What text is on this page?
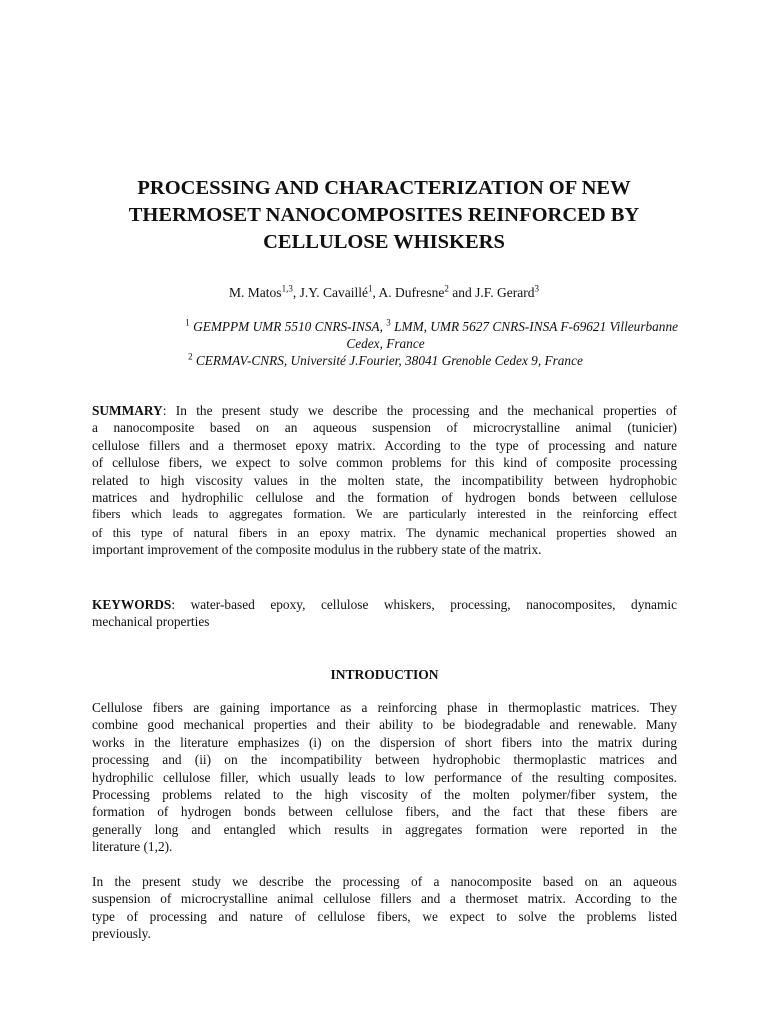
PROCESSING AND CHARACTERIZATION OF NEW
THERMOSET NANOCOMPOSITES REINFORCED BY
CELLULOSE WHISKERS
M. Matos$^{1,3}$, J.Y. Cavaillé$^1$, A. Dufresne$^2$ and J.F. Gerard$^3$
$^1$ GEMPPM UMR 5510 CNRS-INSA, $^3$ LMM, UMR 5627 CNRS-INSA F-69621 Villeurbanne
Cedex, France
$^2$ CERMAV-CNRS, Université J.Fourier, 38041 Grenoble Cedex 9, France
SUMMARY: In the present study we describe the processing and the mechanical properties of
a nanocomposite based on an aqueous suspension of microcrystalline animal (tunicier)
cellulose fillers and a thermoset epoxy matrix. According to the type of processing and nature
of cellulose fibers, we expect to solve common problems for this kind of composite processing
related to high viscosity values in the molten state, the incompatibility between hydrophobic
matrices and hydrophilic cellulose and the formation of hydrogen bonds between cellulose
fibers which leads to aggregates formation. We are particularly interested in the reinforcing effect
of this type of natural fibers in an epoxy matrix. The dynamic mechanical properties showed an
important improvement of the composite modulus in the rubbery state of the matrix.
KEYWORDS: water-based epoxy, cellulose whiskers, processing, nanocomposites, dynamic
mechanical properties
INTRODUCTION
Cellulose fibers are gaining importance as a reinforcing phase in thermoplastic matrices. They
combine good mechanical properties and their ability to be biodegradable and renewable. Many
works in the literature emphasizes (i) on the dispersion of short fibers into the matrix during
processing and (ii) on the incompatibility between hydrophobic thermoplastic matrices and
hydrophilic cellulose filler, which usually leads to low performance of the resulting composites.
Processing problems related to the high viscosity of the molten polymer/fiber system, the
formation of hydrogen bonds between cellulose fibers, and the fact that these fibers are
generally long and entangled which results in aggregates formation were reported in the
literature (1,2).
In the present study we describe the processing of a nanocomposite based on an aqueous
suspension of microcrystalline animal cellulose fillers and a thermoset matrix. According to the
type of processing and nature of cellulose fibers, we expect to solve the problems listed
previously.
